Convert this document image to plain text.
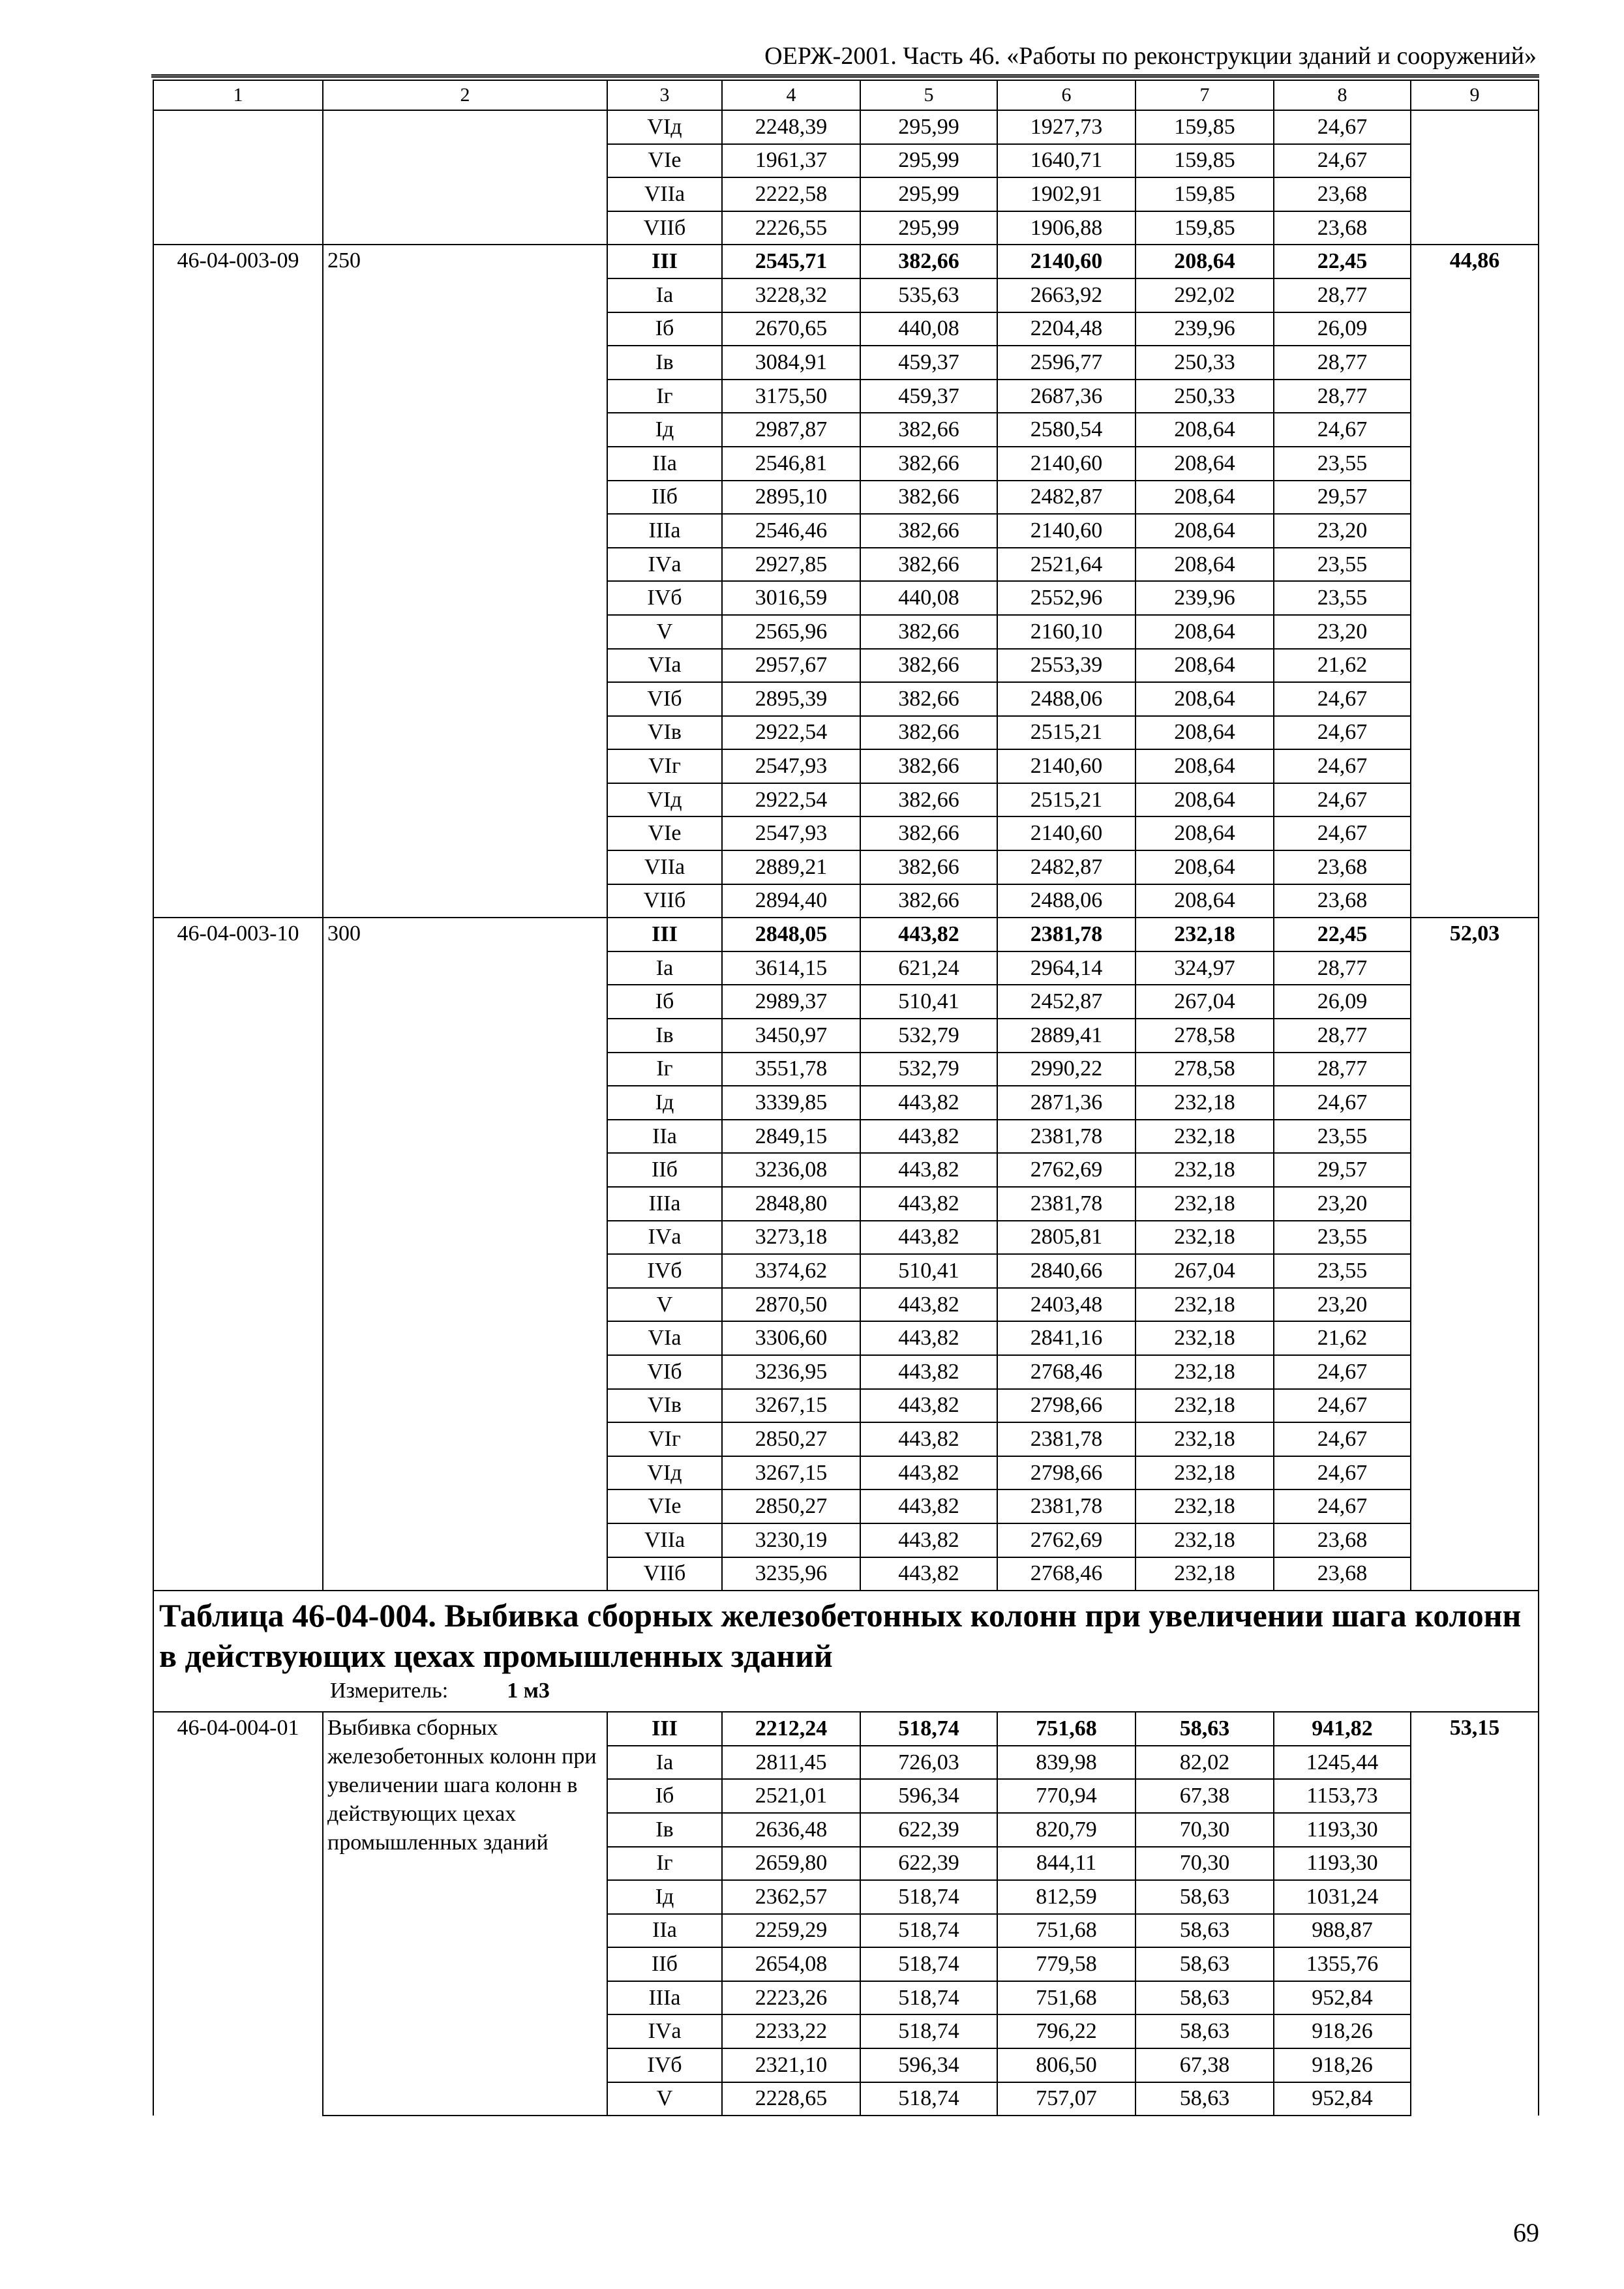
ОЕРЖ-2001. Часть 46. «Работы по реконструкции зданий и сооружений»
1	2	3	4	5	6	7	8	9
		VIд	2248,39	295,99	1927,73	159,85	24,67	
		VIе	1961,37	295,99	1640,71	159,85	24,67	
		VIIа	2222,58	295,99	1902,91	159,85	23,68	
		VIIб	2226,55	295,99	1906,88	159,85	23,68	
46-04-003-09	250	III	2545,71	382,66	2140,60	208,64	22,45	44,86
		Iа	3228,32	535,63	2663,92	292,02	28,77	
		Iб	2670,65	440,08	2204,48	239,96	26,09	
		Iв	3084,91	459,37	2596,77	250,33	28,77	
		Iг	3175,50	459,37	2687,36	250,33	28,77	
		Iд	2987,87	382,66	2580,54	208,64	24,67	
		IIа	2546,81	382,66	2140,60	208,64	23,55	
		IIб	2895,10	382,66	2482,87	208,64	29,57	
		IIIа	2546,46	382,66	2140,60	208,64	23,20	
		IVа	2927,85	382,66	2521,64	208,64	23,55	
		IVб	3016,59	440,08	2552,96	239,96	23,55	
		V	2565,96	382,66	2160,10	208,64	23,20	
		VIа	2957,67	382,66	2553,39	208,64	21,62	
		VIб	2895,39	382,66	2488,06	208,64	24,67	
		VIв	2922,54	382,66	2515,21	208,64	24,67	
		VIг	2547,93	382,66	2140,60	208,64	24,67	
		VIд	2922,54	382,66	2515,21	208,64	24,67	
		VIе	2547,93	382,66	2140,60	208,64	24,67	
		VIIа	2889,21	382,66	2482,87	208,64	23,68	
		VIIб	2894,40	382,66	2488,06	208,64	23,68	
46-04-003-10	300	III	2848,05	443,82	2381,78	232,18	22,45	52,03
		Iа	3614,15	621,24	2964,14	324,97	28,77	
		Iб	2989,37	510,41	2452,87	267,04	26,09	
		Iв	3450,97	532,79	2889,41	278,58	28,77	
		Iг	3551,78	532,79	2990,22	278,58	28,77	
		Iд	3339,85	443,82	2871,36	232,18	24,67	
		IIа	2849,15	443,82	2381,78	232,18	23,55	
		IIб	3236,08	443,82	2762,69	232,18	29,57	
		IIIа	2848,80	443,82	2381,78	232,18	23,20	
		IVа	3273,18	443,82	2805,81	232,18	23,55	
		IVб	3374,62	510,41	2840,66	267,04	23,55	
		V	2870,50	443,82	2403,48	232,18	23,20	
		VIа	3306,60	443,82	2841,16	232,18	21,62	
		VIб	3236,95	443,82	2768,46	232,18	24,67	
		VIв	3267,15	443,82	2798,66	232,18	24,67	
		VIг	2850,27	443,82	2381,78	232,18	24,67	
		VIд	3267,15	443,82	2798,66	232,18	24,67	
		VIе	2850,27	443,82	2381,78	232,18	24,67	
		VIIа	3230,19	443,82	2762,69	232,18	23,68	
		VIIб	3235,96	443,82	2768,46	232,18	23,68	

Таблица 46-04-004. Выбивка сборных железобетонных колонн при увеличении шага колонн в действующих цехах промышленных зданий
Измеритель: 1 м3								

46-04-004-01	Выбивка сборных железобетонных колонн при увеличении шага колонн в действующих цехах промышленных зданий	III	2212,24	518,74	751,68	58,63	941,82	53,15
		Iа	2811,45	726,03	839,98	82,02	1245,44	
		Iб	2521,01	596,34	770,94	67,38	1153,73	
		Iв	2636,48	622,39	820,79	70,30	1193,30	
		Iг	2659,80	622,39	844,11	70,30	1193,30	
		Iд	2362,57	518,74	812,59	58,63	1031,24	
		IIа	2259,29	518,74	751,68	58,63	988,87	
		IIб	2654,08	518,74	779,58	58,63	1355,76	
		IIIа	2223,26	518,74	751,68	58,63	952,84	
		IVа	2233,22	518,74	796,22	58,63	918,26	
		IVб	2321,10	596,34	806,50	67,38	918,26	
		V	2228,65	518,74	757,07	58,63	952,84	
69
